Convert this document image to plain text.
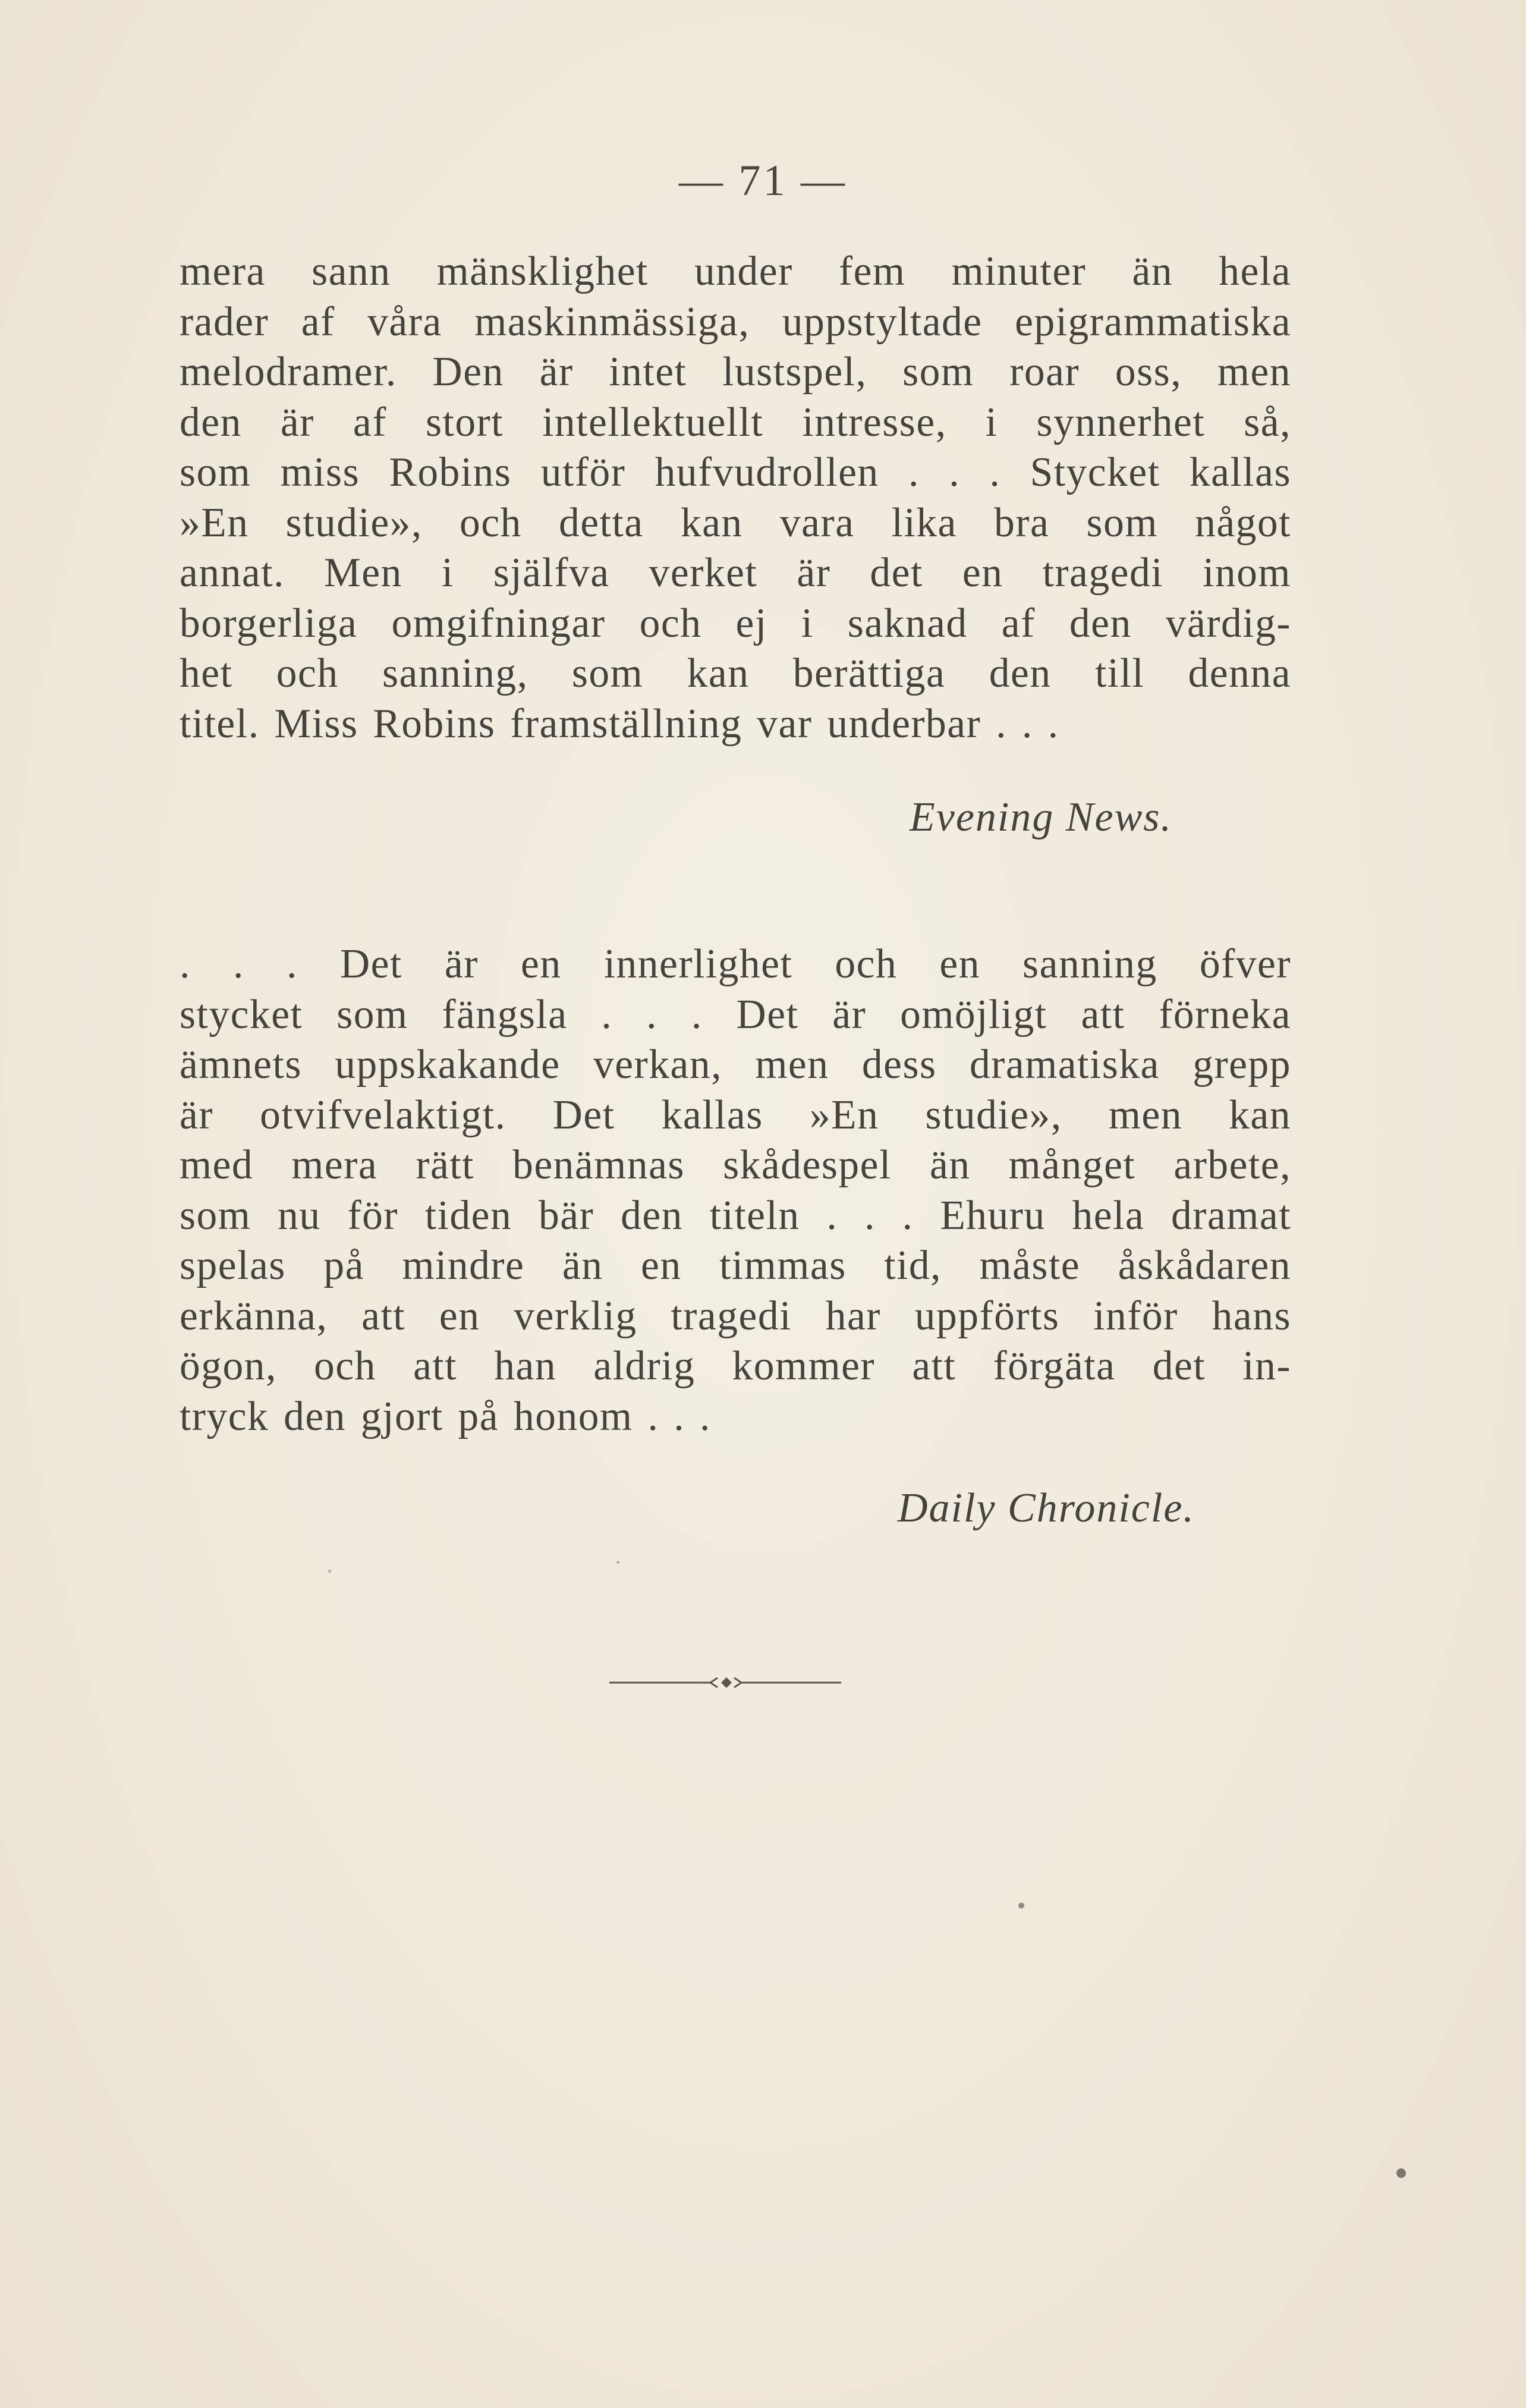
— 71 —
mera sann mänsklighet under fem minuter än hela
rader af våra maskinmässiga, uppstyltade epigrammatiska
melodramer. Den är intet lustspel, som roar oss, men
den är af stort intellektuellt intresse, i synnerhet så,
som miss Robins utför hufvudrollen . . . Stycket kallas
»En studie», och detta kan vara lika bra som något
annat. Men i själfva verket är det en tragedi inom
borgerliga omgifningar och ej i saknad af den värdig-
het och sanning, som kan berättiga den till denna
titel. Miss Robins framställning var underbar . . .
Evening News.
. . . Det är en innerlighet och en sanning öfver
stycket som fängsla . . . Det är omöjligt att förneka
ämnets uppskakande verkan, men dess dramatiska grepp
är otvifvelaktigt. Det kallas »En studie», men kan
med mera rätt benämnas skådespel än månget arbete,
som nu för tiden bär den titeln . . . Ehuru hela dramat
spelas på mindre än en timmas tid, måste åskådaren
erkänna, att en verklig tragedi har uppförts inför hans
ögon, och att han aldrig kommer att förgäta det in-
tryck den gjort på honom . . .
Daily Chronicle.
